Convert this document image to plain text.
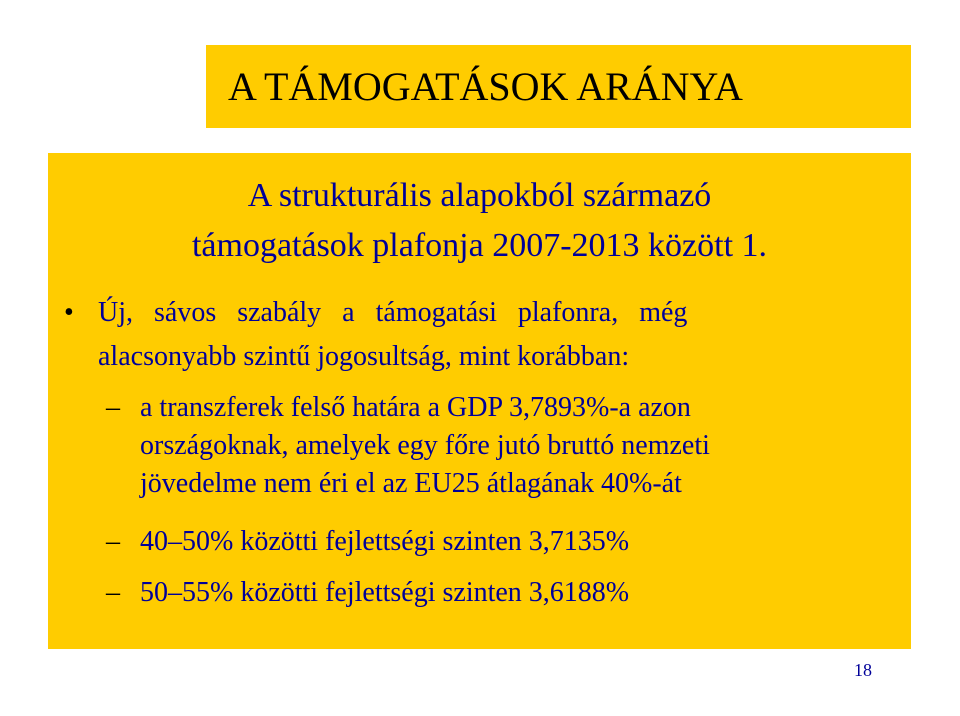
A TÁMOGATÁSOK ARÁNYA
A strukturális alapokból származó
támogatások plafonja 2007-2013 között 1.
• Új, sávos szabály a támogatási plafonra, még
alacsonyabb szintű jogosultság, mint korábban:
– a transzferek felső határa a GDP 3,7893%-a azon
országoknak, amelyek egy főre jutó bruttó nemzeti
jövedelme nem éri el az EU25 átlagának 40%-át
– 40–50% közötti fejlettségi szinten 3,7135%
– 50–55% közötti fejlettségi szinten 3,6188%
18
